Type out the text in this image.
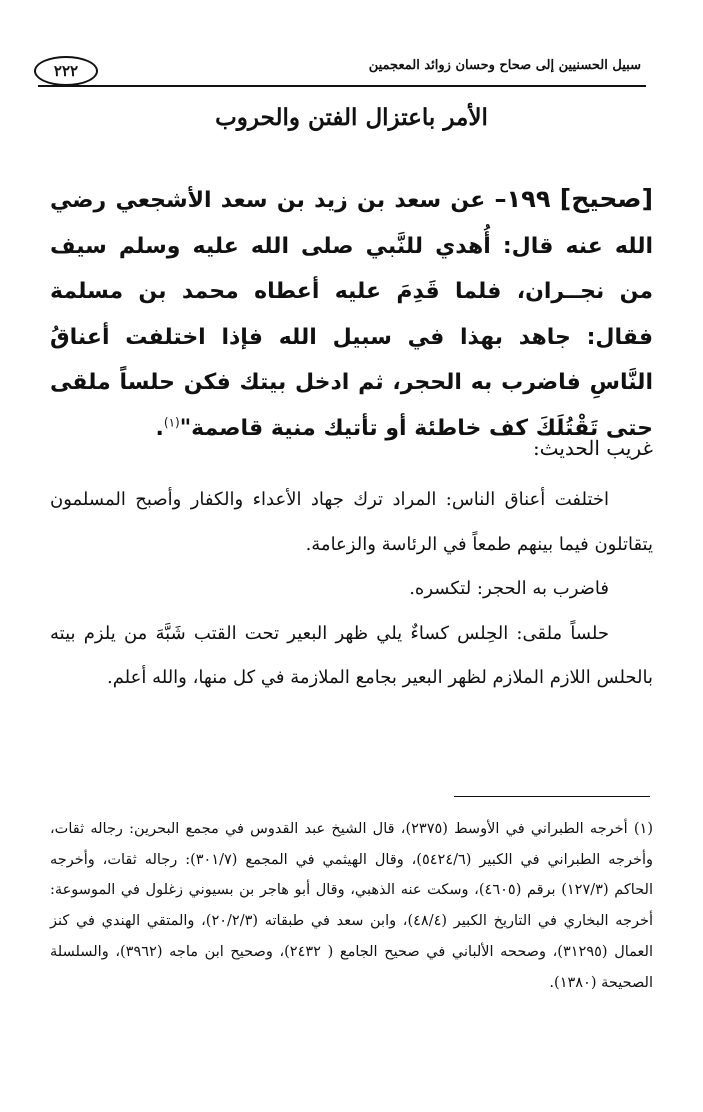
سبيل الحسنيين إلى صحاح وحسان زوائد المعجمين
٢٢٢
الأمر باعتزال الفتن والحروب

[صحيح] ١٩٩– عن سعد بن زيد بن سعد الأشجعي رضي الله عنه قال: أُهدي للنَّبي صلى الله عليه وسلم سيف من نجــران، فلما قَدِمَ عليه أعطاه محمد بن مسلمة فقال: جاهد بهذا في سبيل الله فإذا اختلفت أعناقُ النَّاسِ فاضرب به الحجر، ثم ادخل بيتك فكن حلساً ملقى حتى تَقْتُلَكَ كف خاطئة أو تأتيك منية قاصمة"$^{(١)}$.

غريب الحديث:

اختلفت أعناق الناس: المراد ترك جهاد الأعداء والكفار وأصبح المسلمون يتقاتلون فيما بينهم طمعاً في الرئاسة والزعامة.

فاضرب به الحجر: لتكسره.

حلساً ملقى: الحِلس كساءٌ يلي ظهر البعير تحت القتب شَبَّهَ من يلزم بيته بالحلس اللازم الملازم لظهر البعير بجامع الملازمة في كل منها، والله أعلم.

(١) أخرجه الطبراني في الأوسط (٢٣٧٥)، قال الشيخ عبد القدوس في مجمع البحرين: رجاله ثقات، وأخرجه الطبراني في الكبير (٥٤٢٤/٦)، وقال الهيثمي في المجمع (٣٠١/٧): رجاله ثقات، وأخرجه الحاكم (١٢٧/٣) برقم (٤٦٠٥)، وسكت عنه الذهبي، وقال أبو هاجر بن بسيوني زغلول في الموسوعة: أخرجه البخاري في التاريخ الكبير (٤٨/٤)، وابن سعد في طبقاته (٢٠/٢/٣)، والمتقي الهندي في كنز العمال (٣١٢٩٥)، وصححه الألباني في صحيح الجامع ( ٢٤٣٢)، وصحيح ابن ماجه (٣٩٦٢)، والسلسلة الصحيحة (١٣٨٠).
